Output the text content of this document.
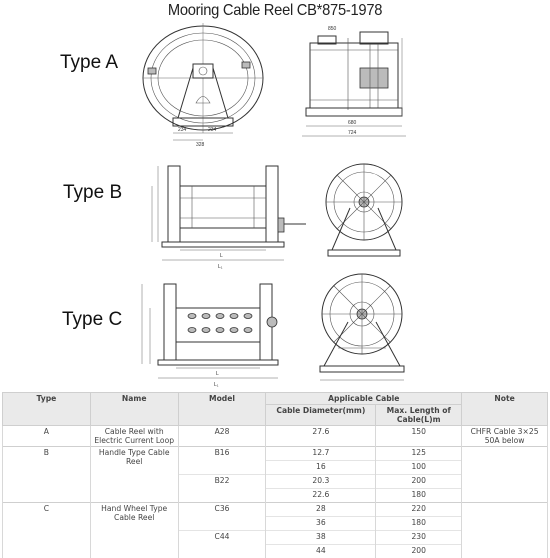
Mooring Cable Reel CB*875-1978
Type A
Type B
Type C
234	234
328
680
724
850
L
L₁
L
L₁
Type	Name	Model	Applicable Cable		Note
			Cable Diameter(mm)	Max. Length of Cable(L)m	
A	Cable Reel with Electric Current Loop	A28	27.6	150	CHFR Cable 3×25 50A below
B	Handle Type Cable Reel	B16	12.7	125	
			16	100	
		B22	20.3	200	
			22.6	180	
C	Hand Wheel Type Cable Reel	C36	28	220	
			36	180	
		C44	38	230	
			44	200	
